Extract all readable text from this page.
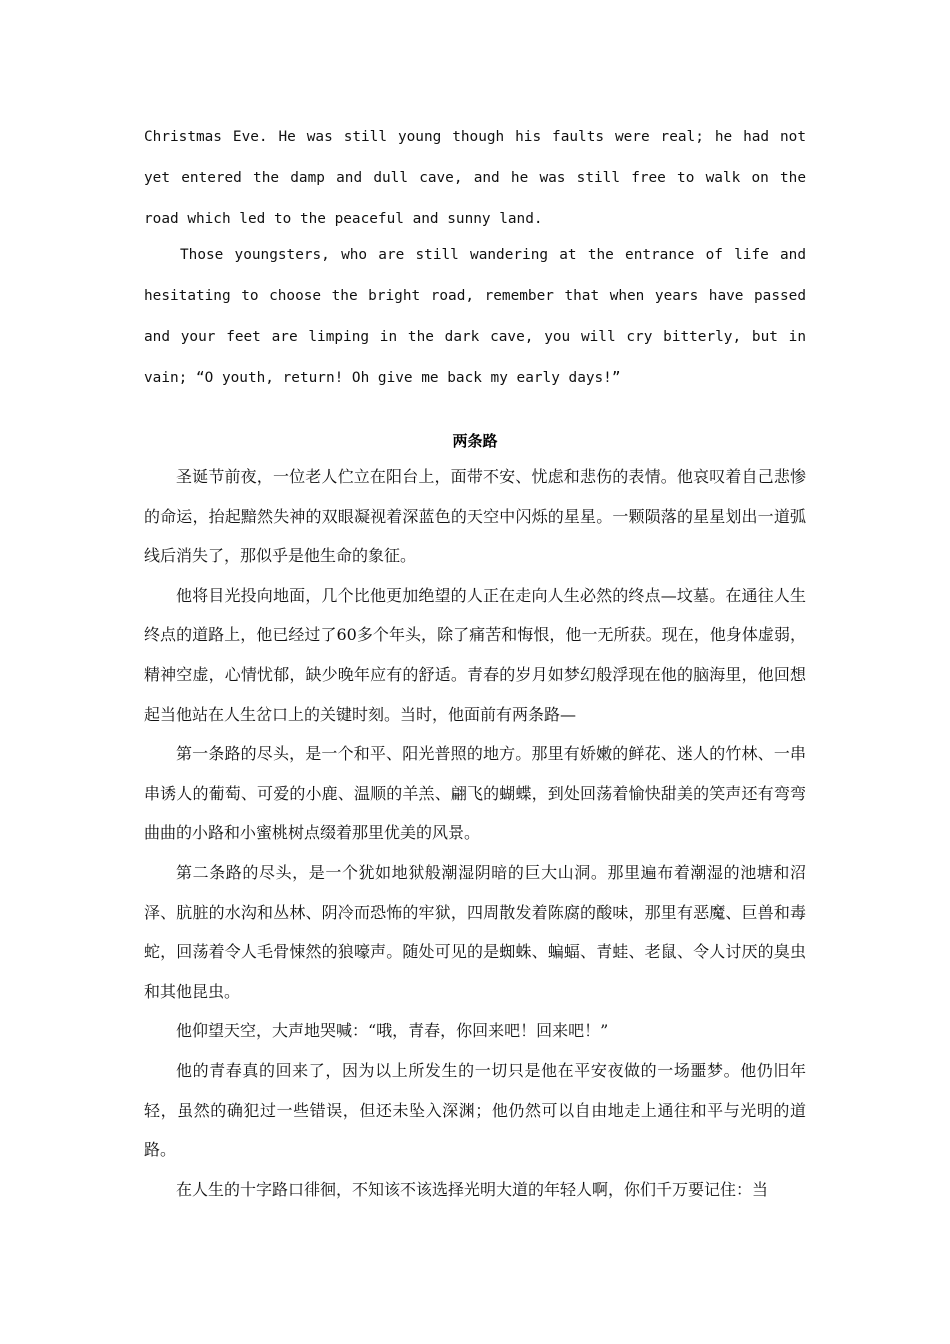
Christmas Eve. He was still young though his faults were real; he had not yet entered the damp and dull cave, and he was still free to walk on the road which led to the peaceful and sunny land.

Those youngsters, who are still wandering at the entrance of life and hesitating to choose the bright road, remember that when years have passed and your feet are limping in the dark cave, you will cry bitterly, but in vain; “O youth, return! Oh give me back my early days!”

两条路

圣诞节前夜，一位老人伫立在阳台上，面带不安、忧虑和悲伤的表情。他哀叹着自己悲惨的命运，抬起黯然失神的双眼凝视着深蓝色的天空中闪烁的星星。一颗陨落的星星划出一道弧线后消失了，那似乎是他生命的象征。

他将目光投向地面，几个比他更加绝望的人正在走向人生必然的终点—坟墓。在通往人生终点的道路上，他已经过了60多个年头，除了痛苦和悔恨，他一无所获。现在，他身体虚弱，精神空虚，心情忧郁，缺少晚年应有的舒适。青春的岁月如梦幻般浮现在他的脑海里，他回想起当他站在人生岔口上的关键时刻。当时，他面前有两条路—

第一条路的尽头，是一个和平、阳光普照的地方。那里有娇嫩的鲜花、迷人的竹林、一串串诱人的葡萄、可爱的小鹿、温顺的羊羔、翩飞的蝴蝶，到处回荡着愉快甜美的笑声还有弯弯曲曲的小路和小蜜桃树点缀着那里优美的风景。

第二条路的尽头，是一个犹如地狱般潮湿阴暗的巨大山洞。那里遍布着潮湿的池塘和沼泽、肮脏的水沟和丛林、阴冷而恐怖的牢狱，四周散发着陈腐的酸味，那里有恶魔、巨兽和毒蛇，回荡着令人毛骨悚然的狼嚎声。随处可见的是蜘蛛、蝙蝠、青蛙、老鼠、令人讨厌的臭虫和其他昆虫。

他仰望天空，大声地哭喊：“哦，青春，你回来吧！回来吧！”

他的青春真的回来了，因为以上所发生的一切只是他在平安夜做的一场噩梦。他仍旧年轻，虽然的确犯过一些错误，但还未坠入深渊；他仍然可以自由地走上通往和平与光明的道路。

在人生的十字路口徘徊，不知该不该选择光明大道的年轻人啊，你们千万要记住：当
